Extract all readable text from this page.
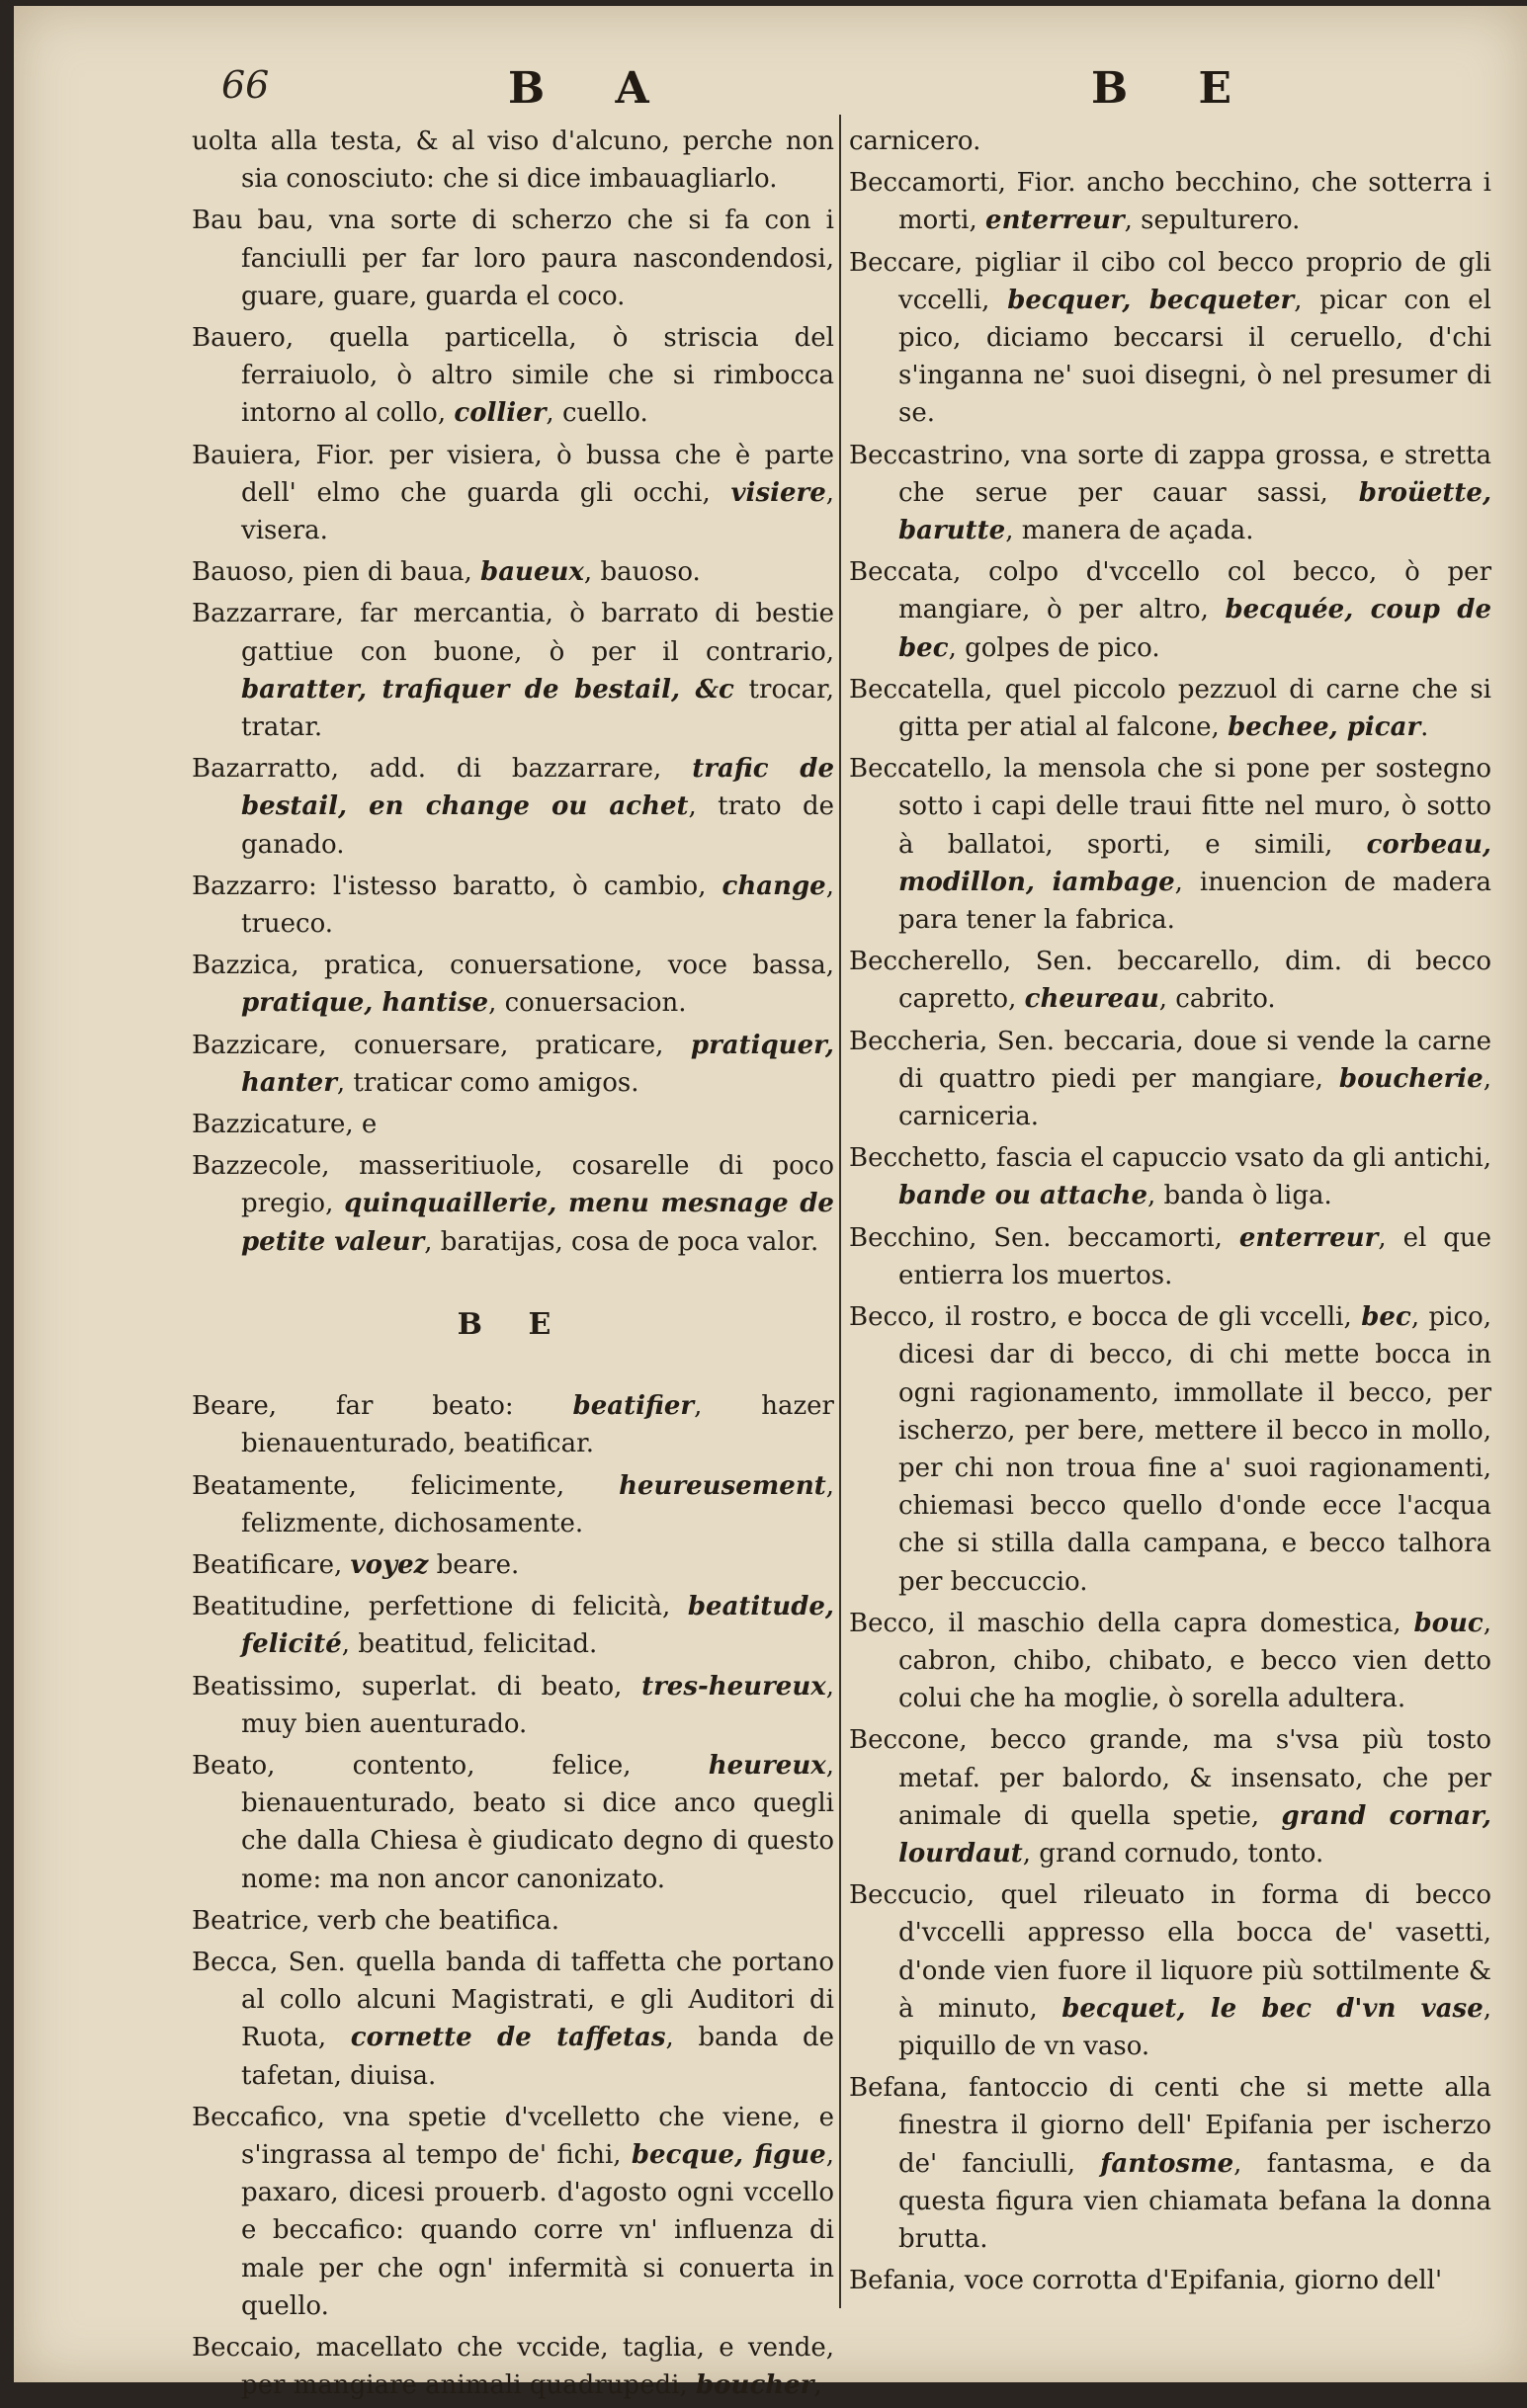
66	B A	B E

uolta alla testa, & al viso d'alcuno, perche non sia conosciuto: che si dice imbauagliarlo.

Bau bau, vna sorte di scherzo che si fa con i fanciulli per far loro paura nascondendosi, guare, guare, guarda el coco.

Bauero, quella particella, ò striscia del ferraiuolo, ò altro simile che si rimbocca intorno al collo, collier, cuello.

Bauiera, Fior. per visiera, ò bussa che è parte dell' elmo che guarda gli occhi, visiere, visera.

Bauoso, pien di baua, baueux, bauoso.

Bazzarrare, far mercantia, ò barrato di bestie gattiue con buone, ò per il contrario, baratter, trafiquer de bestail, &c trocar, tratar.

Bazarratto, add. di bazzarrare, trafic de bestail, en change ou achet, trato de ganado.

Bazzarro: l'istesso baratto, ò cambio, change, trueco.

Bazzica, pratica, conuersatione, voce bassa, pratique, hantise, conuersacion.

Bazzicare, conuersare, praticare, pratiquer, hanter, traticar como amigos.

Bazzicature, e

Bazzecole, masseritiuole, cosarelle di poco pregio, quinquaillerie, menu mesnage de petite valeur, baratijas, cosa de poca valor.

B E

Beare, far beato: beatifier, hazer bienauenturado, beatificar.

Beatamente, felicimente, heureusement, felizmente, dichosamente.

Beatificare, voyez beare.

Beatitudine, perfettione di felicità, beatitude, felicité, beatitud, felicitad.

Beatissimo, superlat. di beato, tres-heureux, muy bien auenturado.

Beato, contento, felice, heureux, bienauenturado, beato si dice anco quegli che dalla Chiesa è giudicato degno di questo nome: ma non ancor canonizato.

Beatrice, verb che beatifica.

Becca, Sen. quella banda di taffetta che portano al collo alcuni Magistrati, e gli Auditori di Ruota, cornette de taffetas, banda de tafetan, diuisa.

Beccafico, vna spetie d'vcelletto che viene, e s'ingrassa al tempo de' fichi, becque, figue, paxaro, dicesi prouerb. d'agosto ogni vccello e beccafico: quando corre vn' influenza di male per che ogn' infermità si conuerta in quello.

Beccaio, macellato che vccide, taglia, e vende, per mangiare animali quadrupedi, boucher,

carnicero.

Beccamorti, Fior. ancho becchino, che sotterra i morti, enterreur, sepulturero.

Beccare, pigliar il cibo col becco proprio de gli vccelli, becquer, becqueter, picar con el pico, diciamo beccarsi il ceruello, d'chi s'inganna ne' suoi disegni, ò nel presumer di se.

Beccastrino, vna sorte di zappa grossa, e stretta che serue per cauar sassi, broüette, barutte, manera de açada.

Beccata, colpo d'vccello col becco, ò per mangiare, ò per altro, becquée, coup de bec, golpes de pico.

Beccatella, quel piccolo pezzuol di carne che si gitta per atial al falcone, bechee, picar.

Beccatello, la mensola che si pone per sostegno sotto i capi delle traui fitte nel muro, ò sotto à ballatoi, sporti, e simili, corbeau, modillon, iambage, inuencion de madera para tener la fabrica.

Beccherello, Sen. beccarello, dim. di becco capretto, cheureau, cabrito.

Beccheria, Sen. beccaria, doue si vende la carne di quattro piedi per mangiare, boucherie, carniceria.

Becchetto, fascia el capuccio vsato da gli antichi, bande ou attache, banda ò liga.

Becchino, Sen. beccamorti, enterreur, el que entierra los muertos.

Becco, il rostro, e bocca de gli vccelli, bec, pico, dicesi dar di becco, di chi mette bocca in ogni ragionamento, immollate il becco, per ischerzo, per bere, mettere il becco in mollo, per chi non troua fine a' suoi ragionamenti, chiemasi becco quello d'onde ecce l'acqua che si stilla dalla campana, e becco talhora per beccuccio.

Becco, il maschio della capra domestica, bouc, cabron, chibo, chibato, e becco vien detto colui che ha moglie, ò sorella adultera.

Beccone, becco grande, ma s'vsa più tosto metaf. per balordo, & insensato, che per animale di quella spetie, grand cornar, lourdaut, grand cornudo, tonto.

Beccucio, quel rileuato in forma di becco d'vccelli appresso ella bocca de' vasetti, d'onde vien fuore il liquore più sottilmente & à minuto, becquet, le bec d'vn vase, piquillo de vn vaso.

Befana, fantoccio di centi che si mette alla finestra il giorno dell' Epifania per ischerzo de' fanciulli, fantosme, fantasma, e da questa figura vien chiamata befana la donna brutta.

Befania, voce corrotta d'Epifania, giorno dell'
